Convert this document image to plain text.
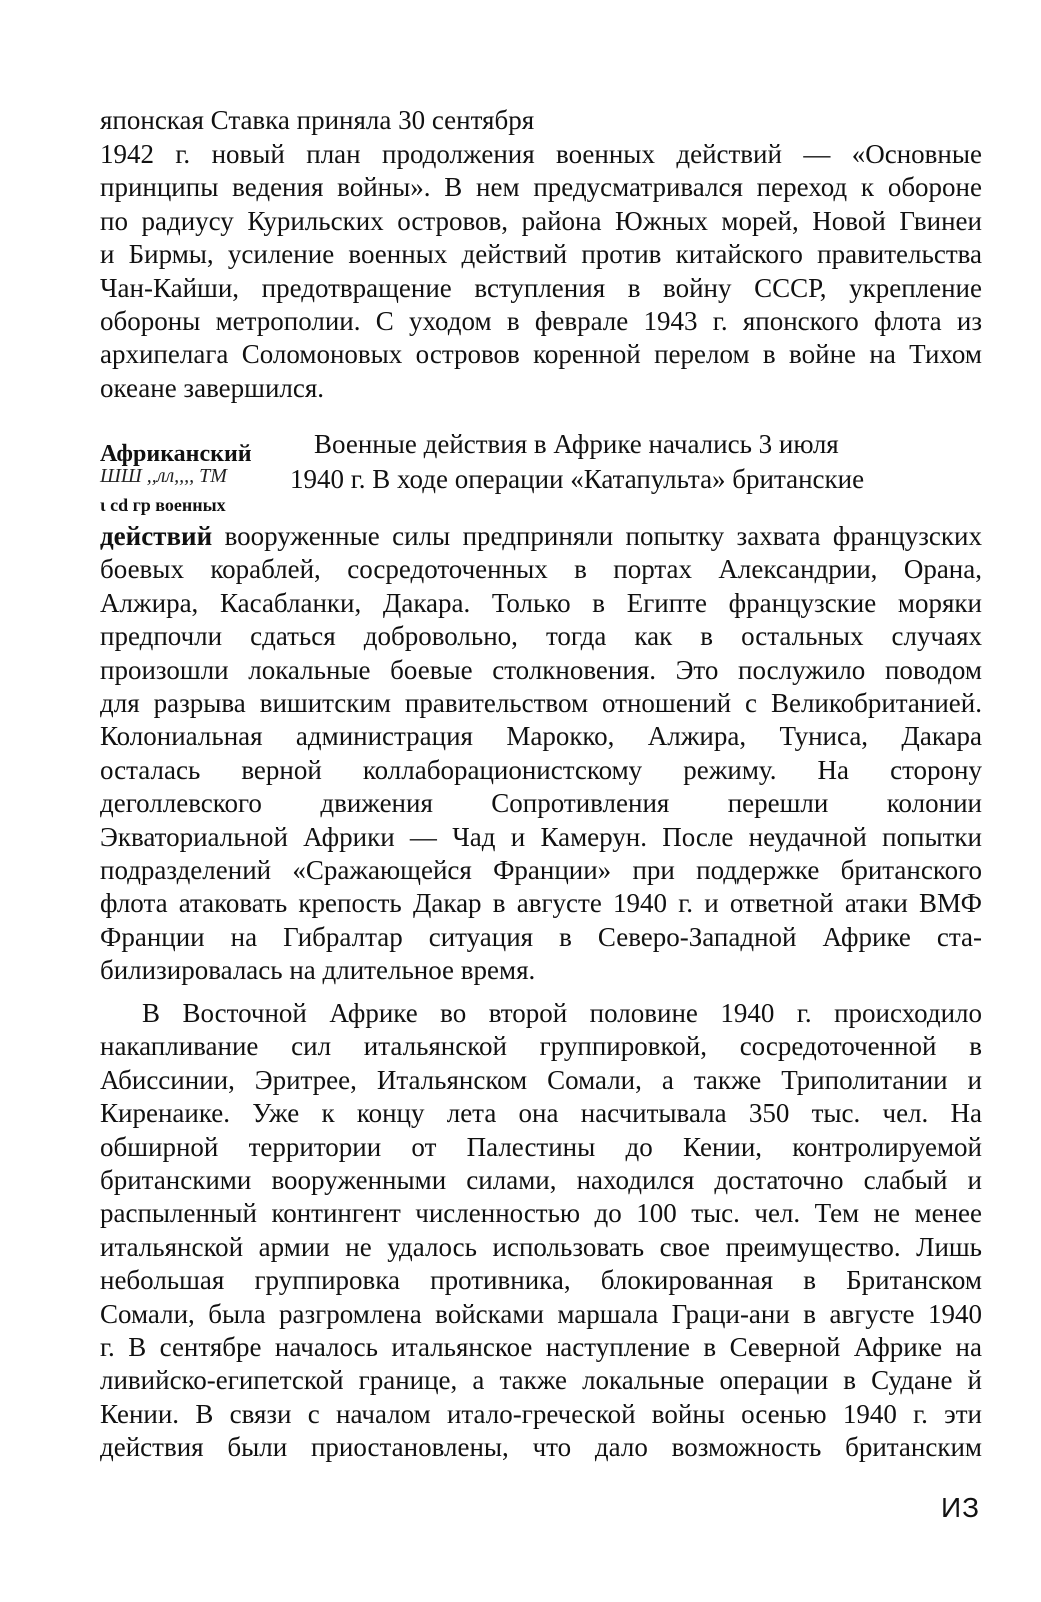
японская Ставка приняла 30 сентября
1942 г. новый план продолжения военных действий — «Основные
принципы ведения войны». В нем предусматривался переход к обороне
по радиусу Курильских островов, района Южных морей, Новой Гвинеи
и Бирмы, усиление военных действий против китайского правительства
Чан-Кайши, предотвращение вступления в войну СССР, укрепление
обороны метрополии. С уходом в феврале 1943 г. японского флота из
архипелага Соломоновых островов коренной перелом в войне на Тихом
океане завершился.
Африканский
ШШ ,,лл,,,, ТМ
ι cd гр военных
Военные действия в Африке начались 3 июля
1940 г. В ходе операции «Катапульта» британские
действий вооруженные силы предприняли попытку захвата французских
боевых кораблей, сосредоточенных в портах Александрии, Орана,
Алжира, Касабланки, Дакара. Только в Египте французские моряки
предпочли сдаться добровольно, тогда как в остальных случаях
произошли локальные боевые столкновения. Это послужило поводом
для разрыва вишитским правительством отношений с Великобританией.
Колониальная администрация Марокко, Алжира, Туниса, Дакара
осталась верной коллаборационистскому режиму. На сторону
деголлевского движения Сопротивления перешли колонии
Экваториальной Африки — Чад и Камерун. После неудачной попытки
подразделений «Сражающейся Франции» при поддержке британского
флота атаковать крепость Дакар в августе 1940 г. и ответной атаки ВМФ
Франции на Гибралтар ситуация в Северо-Западной Африке ста-
билизировалась на длительное время.
В Восточной Африке во второй половине 1940 г. происходило
накапливание сил итальянской группировкой, сосредоточенной в
Абиссинии, Эритрее, Итальянском Сомали, а также Триполитании и
Киренаике. Уже к концу лета она насчитывала 350 тыс. чел. На
обширной территории от Палестины до Кении, контролируемой
британскими вооруженными силами, находился достаточно слабый и
распыленный контингент численностью до 100 тыс. чел. Тем не менее
итальянской армии не удалось использовать свое преимущество. Лишь
небольшая группировка противника, блокированная в Британском
Сомали, была разгромлена войсками маршала Граци-ани в августе 1940
г. В сентябре началось итальянское наступление в Северной Африке на
ливийско-египетской границе, а также локальные операции в Судане й
Кении. В связи с началом итало-греческой войны осенью 1940 г. эти
действия были приостановлены, что дало возможность британским
ИЗ
